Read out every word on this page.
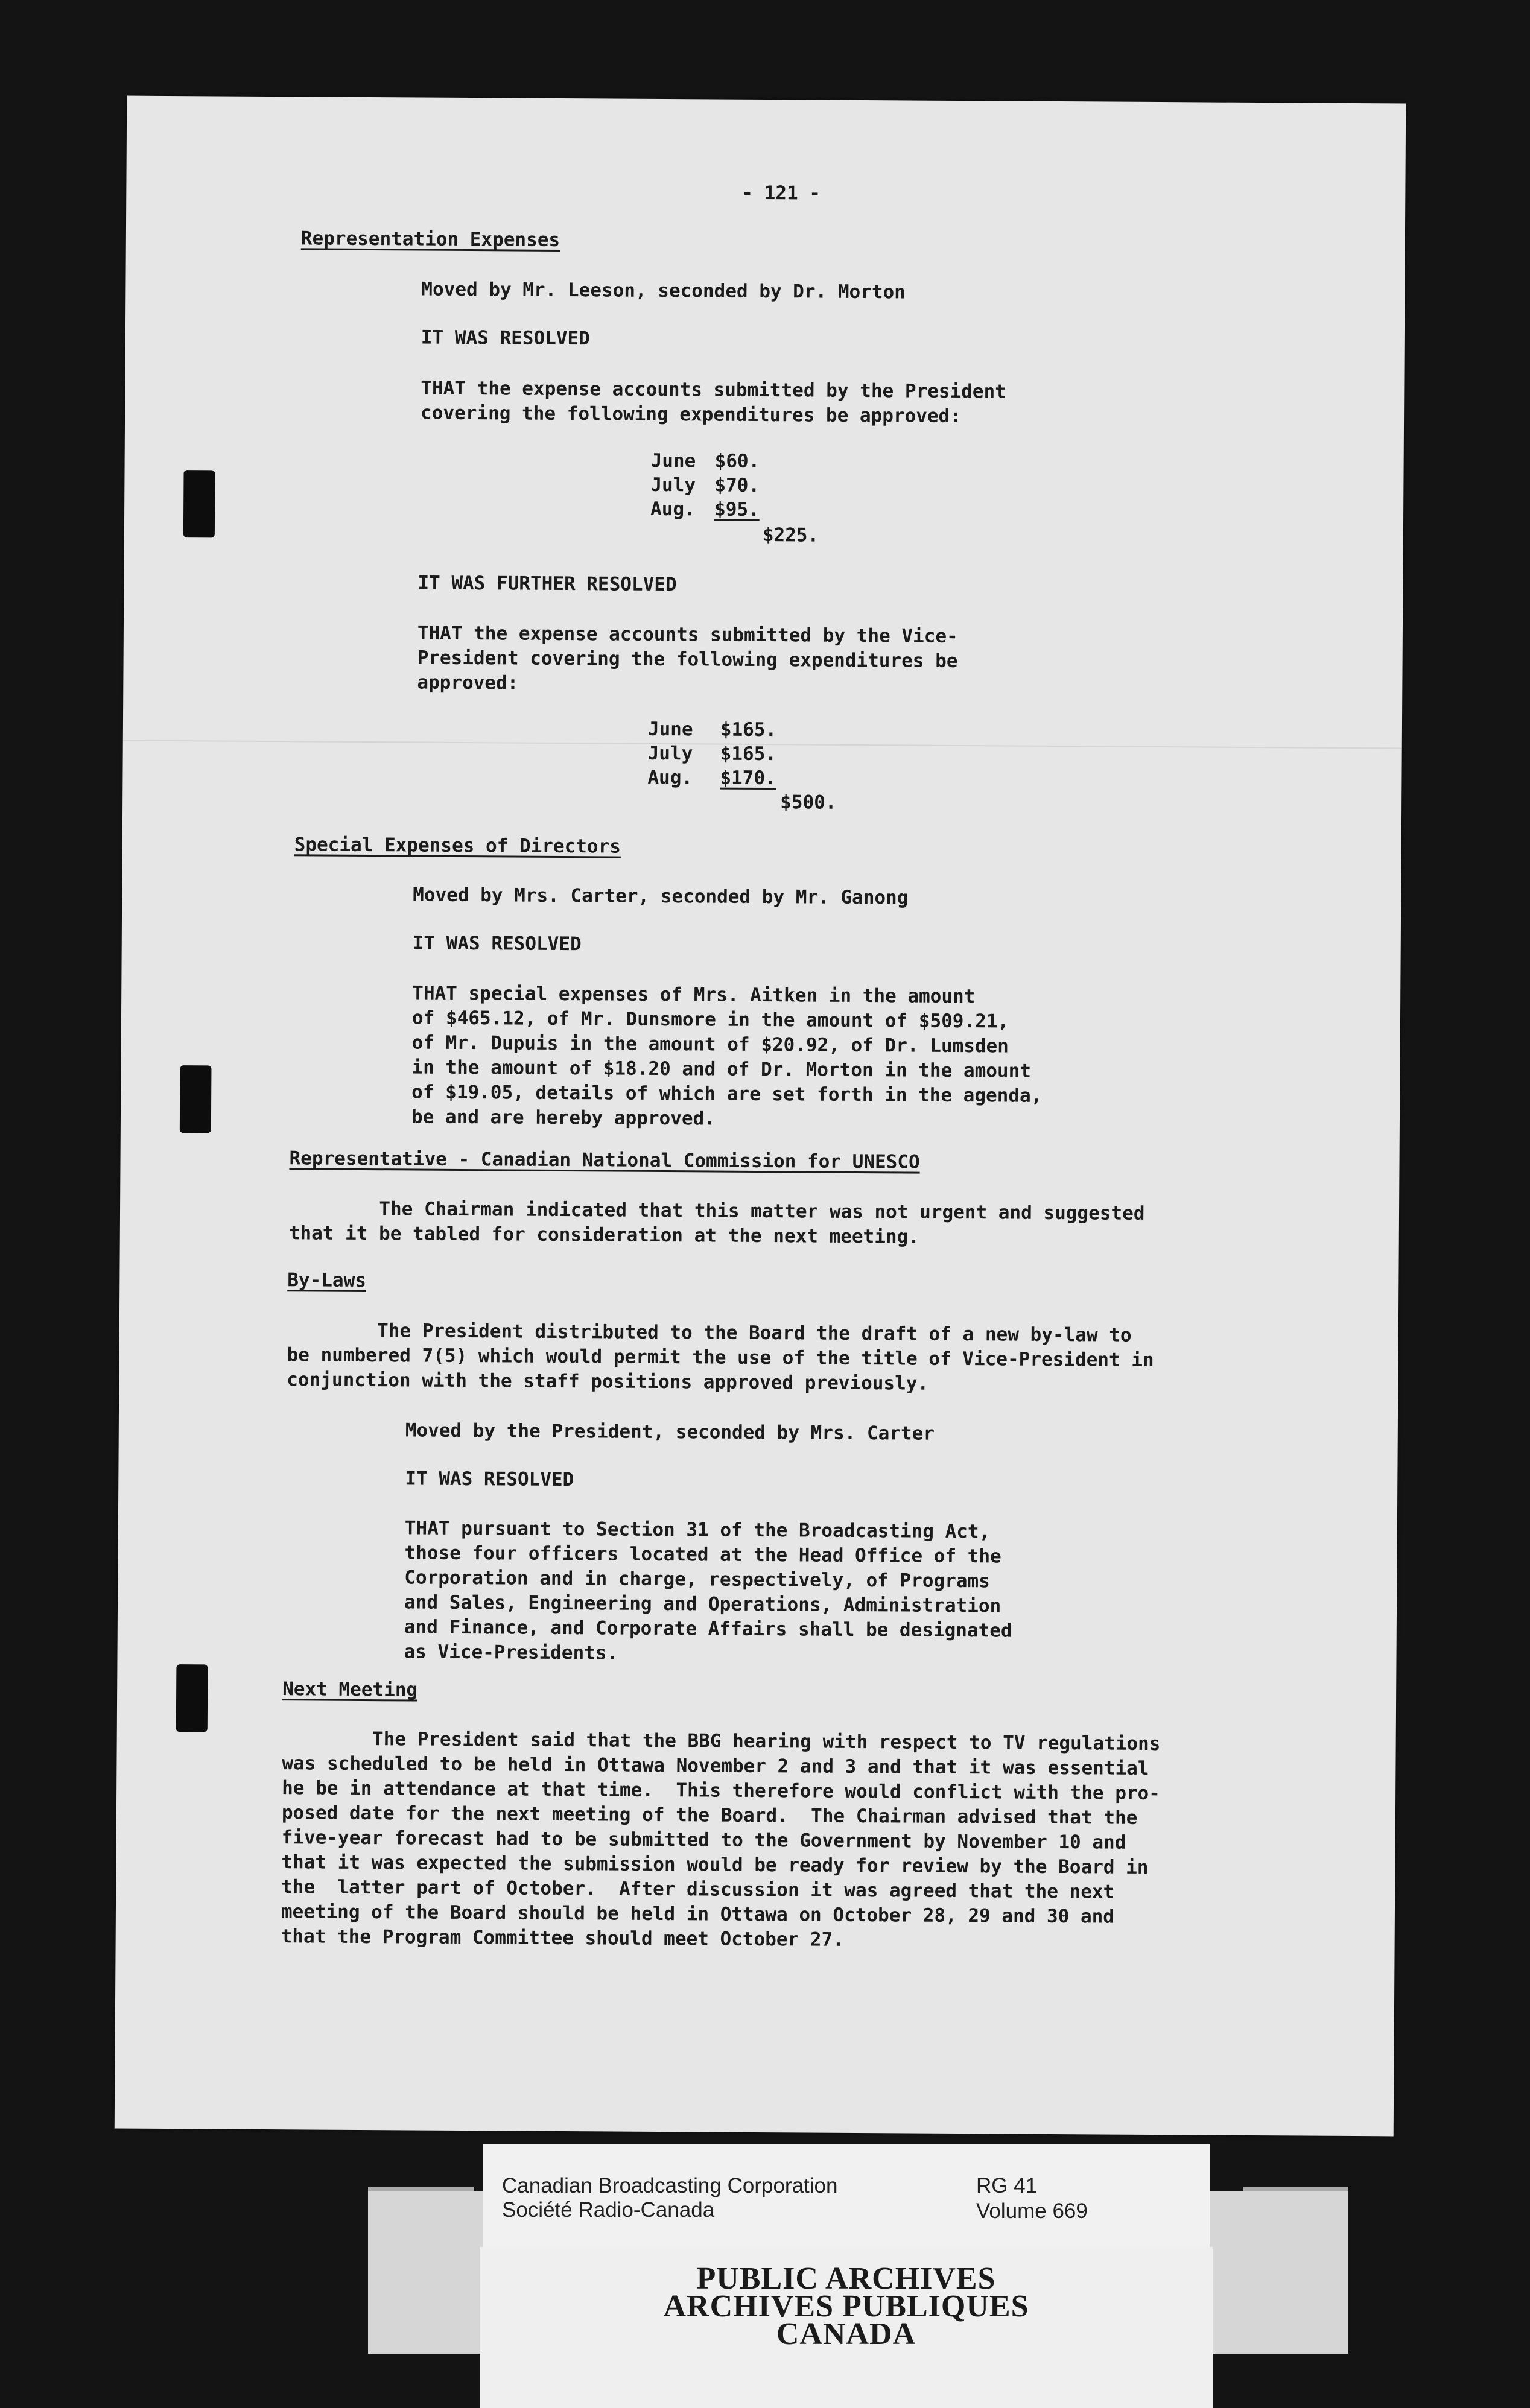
- 121 -

Representation Expenses

Moved by Mr. Leeson, seconded by Dr. Morton

IT WAS RESOLVED

THAT the expense accounts submitted by the President
covering the following expenditures be approved:

June $60.

July $70.

Aug. $95.

$225.

IT WAS FURTHER RESOLVED

THAT the expense accounts submitted by the Vice-
President covering the following expenditures be
approved:

June $165.

July $165.

Aug. $170.

$500.

Special Expenses of Directors

Moved by Mrs. Carter, seconded by Mr. Ganong

IT WAS RESOLVED

THAT special expenses of Mrs. Aitken in the amount
of $465.12, of Mr. Dunsmore in the amount of $509.21,
of Mr. Dupuis in the amount of $20.92, of Dr. Lumsden
in the amount of $18.20 and of Dr. Morton in the amount
of $19.05, details of which are set forth in the agenda,
be and are hereby approved.

Representative - Canadian National Commission for UNESCO

The Chairman indicated that this matter was not urgent and suggested
that it be tabled for consideration at the next meeting.

By-Laws

The President distributed to the Board the draft of a new by-law to
be numbered 7(5) which would permit the use of the title of Vice-President in
conjunction with the staff positions approved previously.

Moved by the President, seconded by Mrs. Carter

IT WAS RESOLVED

THAT pursuant to Section 31 of the Broadcasting Act,
those four officers located at the Head Office of the
Corporation and in charge, respectively, of Programs
and Sales, Engineering and Operations, Administration
and Finance, and Corporate Affairs shall be designated
as Vice-Presidents.

Next Meeting

The President said that the BBG hearing with respect to TV regulations
was scheduled to be held in Ottawa November 2 and 3 and that it was essential
he be in attendance at that time.  This therefore would conflict with the pro-
posed date for the next meeting of the Board.  The Chairman advised that the
five-year forecast had to be submitted to the Government by November 10 and
that it was expected the submission would be ready for review by the Board in
the  latter part of October.  After discussion it was agreed that the next
meeting of the Board should be held in Ottawa on October 28, 29 and 30 and
that the Program Committee should meet October 27.

Canadian Broadcasting Corporation
Société Radio-Canada
RG 41
Volume 669
PUBLIC ARCHIVES
ARCHIVES PUBLIQUES
CANADA
